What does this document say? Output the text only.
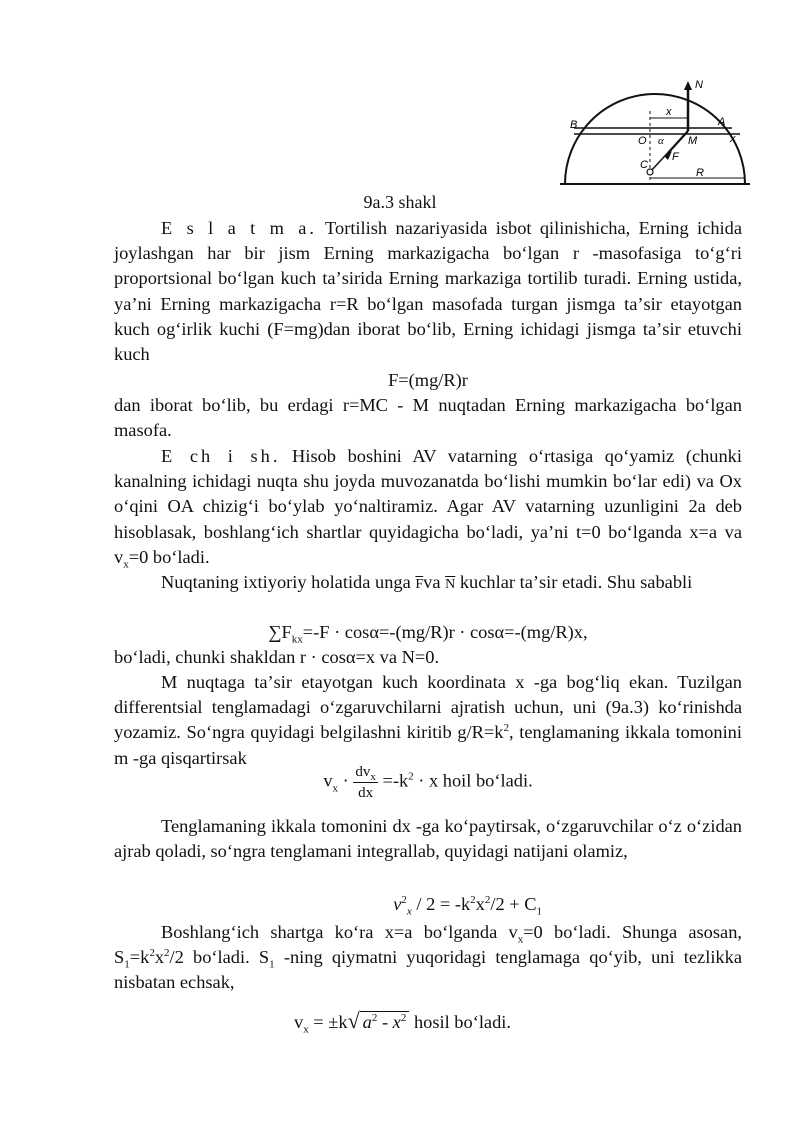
N
x
B
O α M
A
x
C
F
R
9a.3 shakl

E s l a t m a. Tortilish nazariyasida isbot qilinishicha, Erning ichida joylashgan har bir jism Erning markazigacha boʻlgan r -masofasiga toʻgʻri proportsional boʻlgan kuch taʼsirida Erning markaziga tortilib turadi. Erning ustida, yaʼni Erning markazigacha r=R boʻlgan masofada turgan jismga taʼsir etayotgan kuch ogʻirlik kuchi (F=mg)dan iborat boʻlib, Erning ichidagi jismga taʼsir etuvchi kuch

F=(mg/R)r

dan iborat boʻlib, bu erdagi r=MC - M nuqtadan Erning markazigacha boʻlgan masofa.

E ch i sh. Hisob boshini AV vatarning oʻrtasiga qoʻyamiz (chunki kanalning ichidagi nuqta shu joyda muvozanatda boʻlishi mumkin boʻlar edi) va Ox oʻqini OA chizigʻi boʻylab yoʻnaltiramiz. Agar AV vatarning uzunligini 2a deb hisoblasak, boshlangʻich shartlar quyidagicha boʻladi, yaʼni t=0 boʻlganda x=a va $v_x=0$ boʻladi.

Nuqtaning ixtiyoriy holatida unga $\overline{F}va$ $\overline{N}$ kuchlar taʼsir etadi. Shu sababli

$\sum F_{kx}=-F \cdot \cos\alpha=-(mg/R)r \cdot \cos\alpha=-(mg/R)x$,

boʻladi, chunki shakldan r · cosα=x va N=0.

M nuqtaga taʼsir etayotgan kuch koordinata x -ga bogʻliq ekan. Tuzilgan differentsial tenglamadagi oʻzgaruvchilarni ajratish uchun, uni (9a.3) koʻrinishda yozamiz. Soʻngra quyidagi belgilashni kiritib $g/R=k^2$, tenglamaning ikkala tomonini m -ga qisqartirsak

$v_x \cdot \frac{dv_x}{dx} =-k^2 \cdot x$ hoil boʻladi.

Tenglamaning ikkala tomonini dx -ga koʻpaytirsak, oʻzgaruvchilar oʻz oʻzidan ajrab qoladi, soʻngra tenglamani integrallab, quyidagi natijani olamiz,

$v^2_x / 2 = -k^2x^2/2 + C_1$

Boshlangʻich shartga koʻra x=a boʻlganda $v_x=0$ boʻladi. Shunga asosan, $S_1=k^2x^2/2$ boʻladi. $S_1$ -ning qiymatni yuqoridagi tenglamaga qoʻyib, uni tezlikka nisbatan echsak,

$v_x = \pm k√$ $a^2 - x^2$ hosil boʻladi.
